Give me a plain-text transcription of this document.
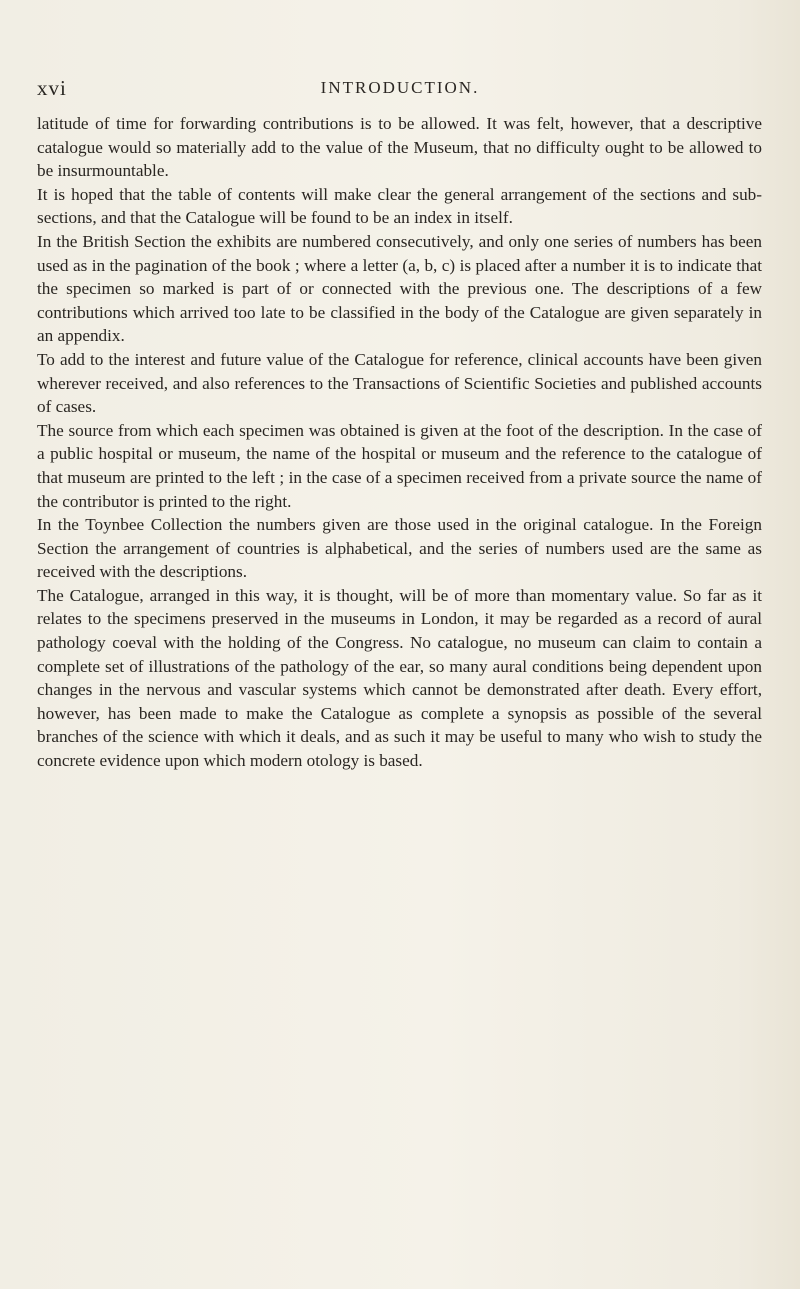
xvi	INTRODUCTION.

latitude of time for forwarding contributions is to be allowed. It was felt, however, that a descriptive catalogue would so materially add to the value of the Museum, that no difficulty ought to be allowed to be insurmountable.

It is hoped that the table of contents will make clear the general arrangement of the sections and sub-sections, and that the Catalogue will be found to be an index in itself.

In the British Section the exhibits are numbered consecutively, and only one series of numbers has been used as in the pagination of the book ; where a letter (a, b, c) is placed after a number it is to indicate that the specimen so marked is part of or connected with the previous one. The descriptions of a few contributions which arrived too late to be classified in the body of the Catalogue are given separately in an appendix.

To add to the interest and future value of the Catalogue for reference, clinical accounts have been given wherever received, and also references to the Transactions of Scientific Societies and published accounts of cases.

The source from which each specimen was obtained is given at the foot of the description. In the case of a public hospital or museum, the name of the hospital or museum and the reference to the catalogue of that museum are printed to the left ; in the case of a specimen received from a private source the name of the contributor is printed to the right.

In the Toynbee Collection the numbers given are those used in the original catalogue. In the Foreign Section the arrangement of countries is alphabetical, and the series of numbers used are the same as received with the descriptions.

The Catalogue, arranged in this way, it is thought, will be of more than momentary value. So far as it relates to the specimens preserved in the museums in London, it may be regarded as a record of aural pathology coeval with the holding of the Congress. No catalogue, no museum can claim to contain a complete set of illustrations of the pathology of the ear, so many aural conditions being dependent upon changes in the nervous and vascular systems which cannot be demonstrated after death. Every effort, however, has been made to make the Catalogue as complete a synopsis as possible of the several branches of the science with which it deals, and as such it may be useful to many who wish to study the concrete evidence upon which modern otology is based.
